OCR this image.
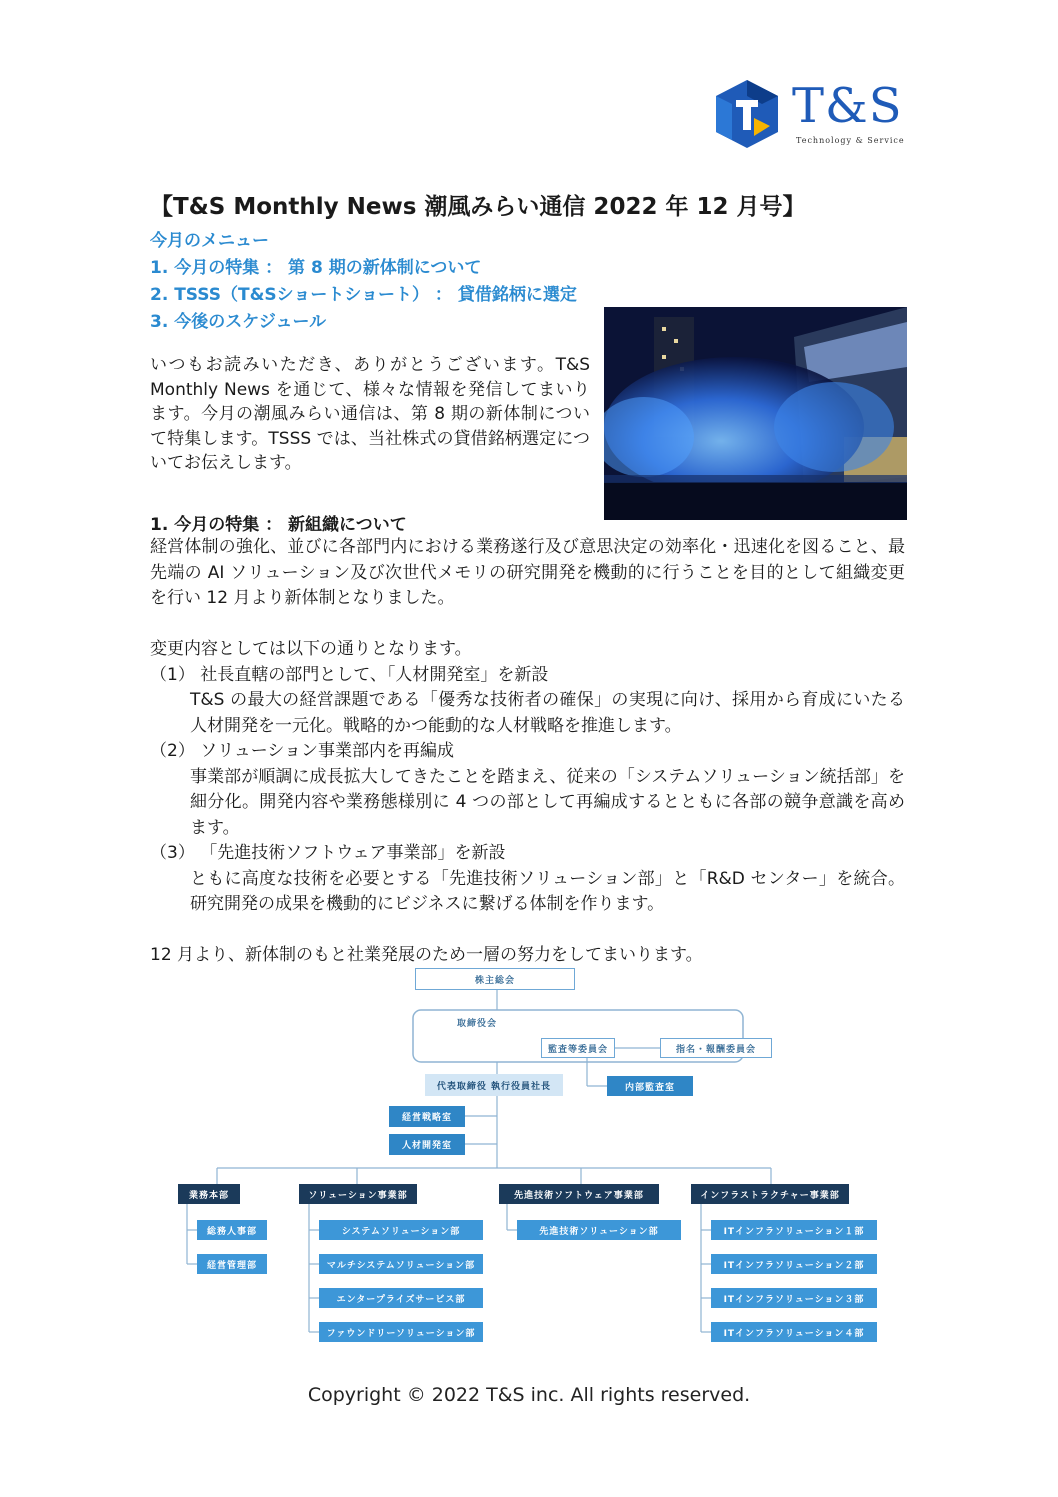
T&S
Technology & Service
【T&S Monthly News 潮風みらい通信 2022 年 12 月号】
今月のメニュー
1. 今月の特集 ： 第 8 期の新体制について
2. TSSS（T&Sショートショート） ： 貸借銘柄に選定
3. 今後のスケジュール
いつもお読みいただき、ありがとうございます。T&S Monthly News を通じて、様々な情報を発信してまいります。今月の潮風みらい通信は、第 8 期の新体制について特集します。TSSS では、当社株式の貸借銘柄選定についてお伝えします。
1. 今月の特集 ： 新組織について

経営体制の強化、並びに各部門内における業務遂行及び意思決定の効率化・迅速化を図ること、最先端の AI ソリューション及び次世代メモリの研究開発を機動的に行うことを目的として組織変更を行い 12 月より新体制となりました。

変更内容としては以下の通りとなります。

（1） 社長直轄の部門として、「人材開発室」を新設

T&S の最大の経営課題である「優秀な技術者の確保」の実現に向け、採用から育成にいたる人材開発を一元化。戦略的かつ能動的な人材戦略を推進します。

（2） ソリューション事業部内を再編成

事業部が順調に成長拡大してきたことを踏まえ、従来の「システムソリューション統括部」を細分化。開発内容や業務態様別に 4 つの部として再編成するとともに各部の競争意識を高めます。

（3） 「先進技術ソフトウェア事業部」を新設

ともに高度な技術を必要とする「先進技術ソリューション部」と「R&D センター」を統合。研究開発の成果を機動的にビジネスに繋げる体制を作ります。

12 月より、新体制のもと社業発展のため一層の努力をしてまいります。

株主総会
取締役会
監査等委員会	指名・報酬委員会
内部監査室
代表取締役 執行役員社長
経営戦略室
人材開発室
業務本部	ソリューション事業部	先進技術ソフトウェア事業部	インフラストラクチャー事業部
総務人事部
経営管理部
システムソリューション部
マルチシステムソリューション部
エンタープライズサービス部
ファウンドリーソリューション部
先進技術ソリューション部	ITインフラソリューション１部
ITインフラソリューション２部
ITインフラソリューション３部
ITインフラソリューション４部
Copyright © 2022 T&S inc. All rights reserved.
